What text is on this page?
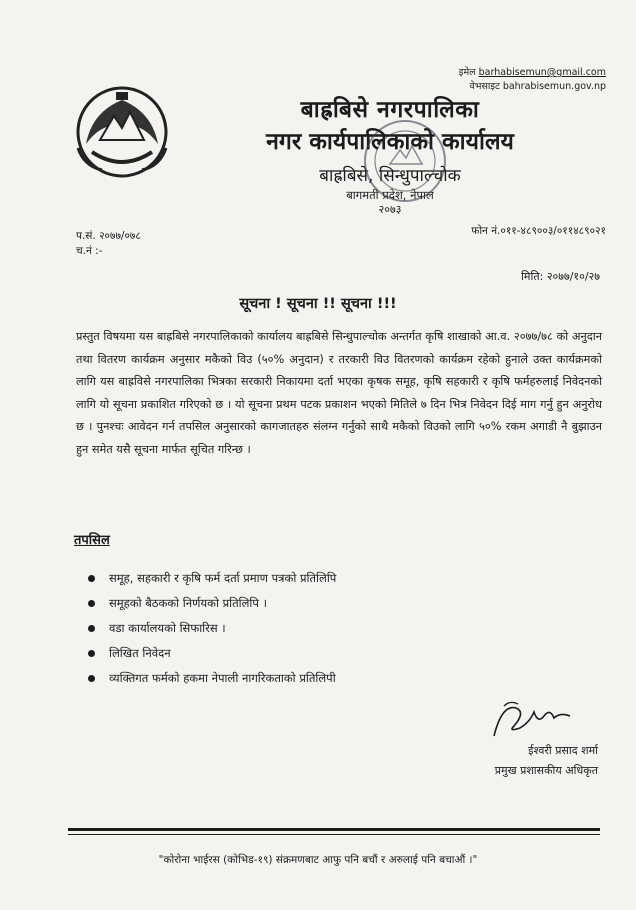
इमेल barhabisemun@gmail.com
वेभसाइट bahrabisemun.gov.np
बाह्रबिसे नगरपालिका
नगर कार्यपालिकाको कार्यालय
बाह्रबिसे, सिन्धुपाल्चोक
बागमती प्रदेश, नेपाल
२०७३
फोन नं.०११-४८९००३/०११४८९०२१
प.सं. २०७७/०७८
च.नं :-
मिति: २०७७/१०/२७
सूचना ! सूचना !! सूचना !!!
प्रस्तुत विषयमा यस बाह्रबिसे नगरपालिकाको कार्यालय बाह्रबिसे सिन्धुपाल्चोक अन्तर्गत कृषि शाखाको आ.व. २०७७/७८ को अनुदान तथा वितरण कार्यक्रम अनुसार मकैको विउ (५०% अनुदान) र तरकारी विउ वितरणको कार्यक्रम रहेको हुनाले उक्त कार्यक्रमको लागि यस बाह्रविसे नगरपालिका भित्रका सरकारी निकायमा दर्ता भएका कृषक समूह, कृषि सहकारी र कृषि फर्महरुलाई निवेदनको लागि यो सूचना प्रकाशित गरिएको छ । यो सूचना प्रथम पटक प्रकाशन भएको मितिले ७ दिन भित्र निवेदन दिई माग गर्नु हुन अनुरोध छ । पुनश्चः आवेदन गर्न तपसिल अनुसारको कागजातहरु संलग्न गर्नुको साथै मकैको विउको लागि ५०% रकम अगाडी नै बुझाउन हुन समेत यसै सूचना मार्फत सूचित गरिन्छ ।
तपसिल
समूह, सहकारी र कृषि फर्म दर्ता प्रमाण पत्रको प्रतिलिपि
समूहको बैठकको निर्णयको प्रतिलिपि ।
वडा कार्यालयको सिफारिस ।
लिखित निवेदन
व्यक्तिगत फर्मको हकमा नेपाली नागरिकताको प्रतिलिपी
ईश्वरी प्रसाद शर्मा
प्रमुख प्रशासकीय अधिकृत
"कोरोना भाईरस (कोभिड-१९) संक्रमणबाट आफु पनि बचौं र अरुलाई पनि बचाऔं ।"
